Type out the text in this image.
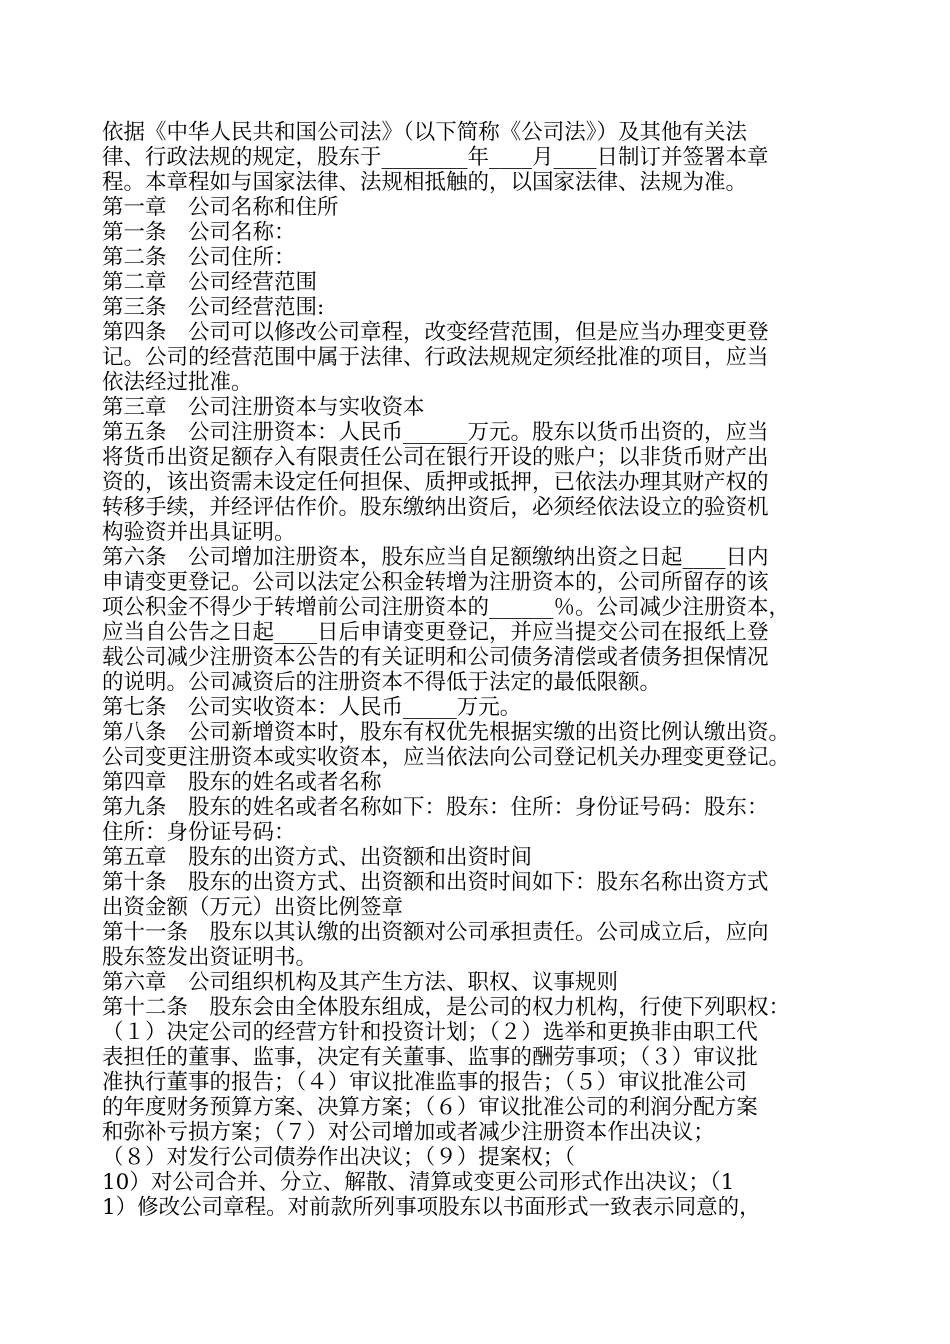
依据《中华人民共和国公司法》（以下简称《公司法》）及其他有关法
律、行政法规的规定，股东于________年____月____日制订并签署本章
程。本章程如与国家法律、法规相抵触的，以国家法律、法规为准。
第一章　公司名称和住所
第一条　公司名称：
第二条　公司住所：
第二章　公司经营范围
第三条　公司经营范围:
第四条　公司可以修改公司章程，改变经营范围，但是应当办理变更登
记。公司的经营范围中属于法律、行政法规规定须经批准的项目，应当
依法经过批准。
第三章　公司注册资本与实收资本
第五条　公司注册资本：人民币______万元。股东以货币出资的，应当
将货币出资足额存入有限责任公司在银行开设的账户；以非货币财产出
资的，该出资需未设定任何担保、质押或抵押，已依法办理其财产权的
转移手续，并经评估作价。股东缴纳出资后，必须经依法设立的验资机
构验资并出具证明。
第六条　公司增加注册资本，股东应当自足额缴纳出资之日起____日内
申请变更登记。公司以法定公积金转增为注册资本的，公司所留存的该
项公积金不得少于转增前公司注册资本的______％。公司减少注册资本，
应当自公告之日起____日后申请变更登记，并应当提交公司在报纸上登
载公司减少注册资本公告的有关证明和公司债务清偿或者债务担保情况
的说明。公司减资后的注册资本不得低于法定的最低限额。
第七条　公司实收资本：人民币_____万元。
第八条　公司新增资本时，股东有权优先根据实缴的出资比例认缴出资。
公司变更注册资本或实收资本，应当依法向公司登记机关办理变更登记。
第四章　股东的姓名或者名称
第九条　股东的姓名或者名称如下：股东：住所：身份证号码：股东：
住所：身份证号码：
第五章　股东的出资方式、出资额和出资时间
第十条　股东的出资方式、出资额和出资时间如下：股东名称出资方式
出资金额（万元）出资比例签章
第十一条　股东以其认缴的出资额对公司承担责任。公司成立后，应向
股东签发出资证明书。
第六章　公司组织机构及其产生方法、职权、议事规则
第十二条　股东会由全体股东组成，是公司的权力机构，行使下列职权：
（１）决定公司的经营方针和投资计划；（２）选举和更换非由职工代
表担任的董事、监事，决定有关董事、监事的酬劳事项；（３）审议批
准执行董事的报告；（４）审议批准监事的报告；（５）审议批准公司
的年度财务预算方案、决算方案；（６）审议批准公司的利润分配方案
和弥补亏损方案；（７）对公司增加或者减少注册资本作出决议；
（８）对发行公司债券作出决议；（９）提案权；（
10）对公司合并、分立、解散、清算或变更公司形式作出决议；（1
1）修改公司章程。对前款所列事项股东以书面形式一致表示同意的，
